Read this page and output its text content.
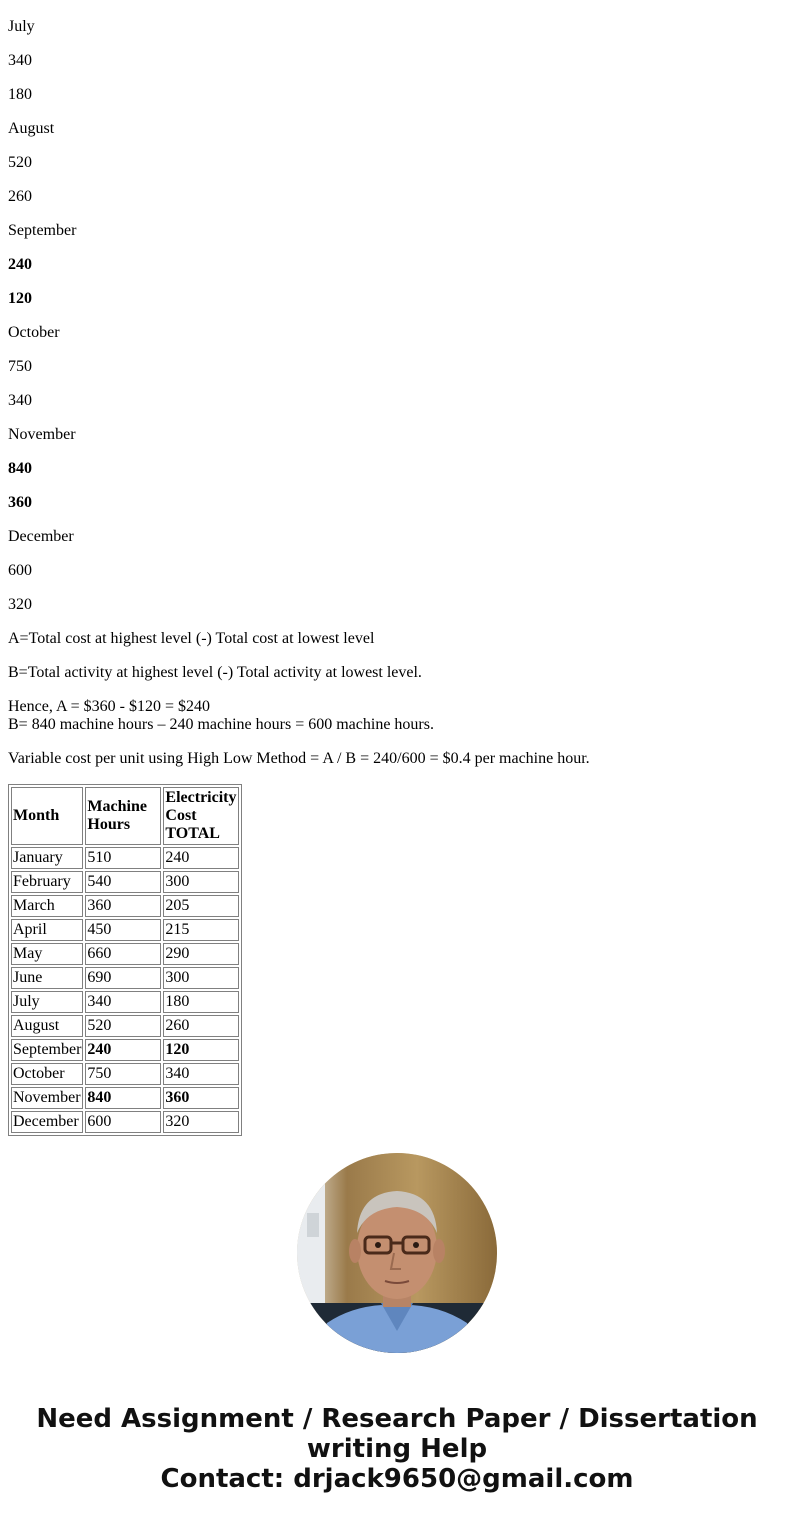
July

340

180

August

520

260

September

240

120

October

750

340

November

840

360

December

600

320

A=Total cost at highest level (-) Total cost at lowest level

B=Total activity at highest level (-) Total activity at lowest level.

Hence, A = $360 - $120 = $240
B= 840 machine hours – 240 machine hours = 600 machine hours.

Variable cost per unit using High Low Method = A / B = 240/600 = $0.4 per machine hour.

Month	Machine Hours	Electricity Cost TOTAL
January	510	240
February	540	300
March	360	205
April	450	215
May	660	290
June	690	300
July	340	180
August	520	260
September	240	120
October	750	340
November	840	360
December	600	320
Need Assignment / Research Paper / Dissertation
writing Help
Contact: drjack9650@gmail.com
